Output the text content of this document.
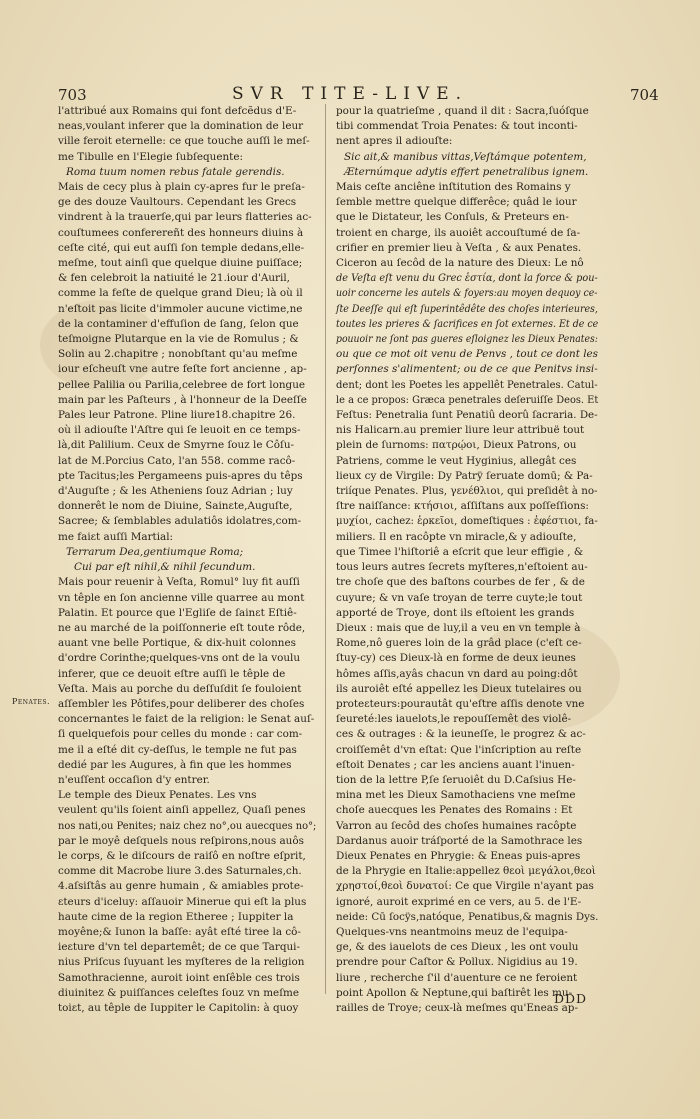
703	SVR TITE-LIVE.	704

l'attribué aux Romains qui font defcẽdus d'E-

neas,voulant inferer que la domination de leur

ville feroit eternelle: ce que touche auſſi le meſ-

me Tibulle en l'Elegie ſubſequente:

Roma tuum nomen rebus fatale gerendis.

Mais de cecy plus à plain cy-apres fur le preſa-

ge des douze Vaultours. Cependant les Grecs

vindrent à la trauerſe,qui par leurs flatteries ac-

couſtumees conferereñt des honneurs diuins à

ceſte cité, qui eut auſſi ſon temple dedans,elle-

meſme, tout ainſi que quelque diuine puiſſace;

& fen celebroit la natiuité le 21.iour d'Auril,

comme la feſte de quelque grand Dieu; là où il

n'eſtoit pas licite d'immoler aucune victime,ne

de la contaminer d'effuſion de ſang, ſelon que

teſmoigne Plutarque en la vie de Romulus ; &

Solin au 2.chapitre ; nonobſtant qu'au meſme

iour eſcheuſt vne autre feſte fort ancienne , ap-

pellee Palilia ou Parilia,celebree de fort longue

main par les Paſteurs , à l'honneur de la Deeſſe

Pales leur Patrone. Pline liure18.chapitre 26.

où il adiouſte l'Aſtre qui ſe leuoit en ce temps-

là,dit Palilium. Ceux de Smyrne ſouz le Côſu-

lat de M.Porcius Cato, l'an 558. comme racô-

pte Tacitus;les Pergameens puis-apres du têps

d'Auguſte ; & les Atheniens ſouz Adrian ; luy

donnerêt le nom de Diuine, Sainɛte,Auguſte,

Sacree; & ſemblables adulatiôs idolatres,com-

me faiɛt auſſi Martial:

Terrarum Dea,gentiumque Roma;

Cui par eſt nihil,& nihil ſecundum.

Mais pour reuenir à Veſta, Romul° luy fit auſſi

vn têple en ſon ancienne ville quarree au mont

Palatin. Et pource que l'Egliſe de ſainɛt Eſtiê-

ne au marché de la poiſſonnerie eſt toute rôde,

auant vne belle Portique, & dix-huit colonnes

d'ordre Corinthe;quelques-vns ont de la voulu

inferer, que ce deuoit eſtre auſſi le têple de

Veſta. Mais au porche du deſſuſdit ſe fouloient

aſſembler les Pôtifes,pour deliberer des choſes

concernantes le faiɛt de la religion: le Senat auſ-

ſi quelquefois pour celles du monde : car com-

me il a eſté dit cy-deſſus, le temple ne fut pas

dedié par les Augures, à fin que les hommes

n'euſſent occaſion d'y entrer.

Le temple des Dieux Penates. Les vns

veulent qu'ils ſoient ainſi appellez, Quaſi penes

nos nati,ou Penites; naiz chez no°,ou auecques no°;

par le moyê deſquels nous reſpirons,nous auôs

le corps, & le diſcours de raiſô en noſtre eſprit,

comme dit Macrobe liure 3.des Saturnales,ch.

4.aſsiſtâs au genre humain , & amiables prote-

ɛteurs d'iceluy: aſſauoir Minerue qui eſt la plus

haute cime de la region Etheree ; Iuppiter la

moyêne;& Iunon la baſſe: ayât eſté tiree la cô-

ieɛture d'vn tel departemêt; de ce que Tarqui-

nius Priſcus ſuyuant les myſteres de la religion

Samothracienne, auroit ioint enſêble ces trois

diuinitez & puiſſances celeſtes ſouz vn meſme

toiɛt, au têple de Iuppiter le Capitolin: à quoy

pour la quatrieſme , quand il dit : Sacra,ſuóſque

tibi commendat Troia Penates: & tout inconti-

nent apres il adiouſte:

Sic ait,& manibus vittas,Veſtámque potentem,

Æternúmque adytis effert penetralibus ignem.

Mais ceſte anciêne inſtitution des Romains y

ſemble mettre quelque differêce; quâd le iour

que le Diɛtateur, les Conſuls, & Preteurs en-

troient en charge, ils auoiêt accouſtumé de ſa-

crifier en premier lieu à Veſta , & aux Penates.

Ciceron au ſecôd de la nature des Dieux: Le nô

de Veſta eſt venu du Grec ἑστία, dont la force & pou-

uoir concerne les autels & foyers:au moyen dequoy ce-

ſte Deeſſe qui eſt ſuperintêdête des choſes interieures,

toutes les prieres & ſacrifices en ſot externes. Et de ce

pouuoir ne ſont pas gueres eſloignez les Dieux Penates:

ou que ce mot oit venu de Penvs , tout ce dont les

perſonnes s'alimentent; ou de ce que Penitvs insi-

dent; dont les Poetes les appellêt Penetrales. Catul-

le a ce propos: Græca penetrales deſeruiſſe Deos. Et

Feſtus: Penetralia ſunt Penatiû deorû ſacraria. De-

nis Halicarn.au premier liure leur attribuë tout

plein de ſurnoms: πατρῴοι, Dieux Patrons, ou

Patriens, comme le veut Hyginius, allegât ces

lieux cy de Virgile: Dy Patrÿ ſeruate domū; & Pa-

triíque Penates. Plus, γενέθλιοι, qui preſidêt à no-

ſtre naiſſance: κτήσιοι, aſſiſtans aux poſſeſſions:

μυχίοι, cachez: ἑρκεῖοι, domeſtiques : ἐφέστιοι, fa-

miliers. Il en racôpte vn miracle,& y adiouſte,

que Timee l'hiſtoriê a eſcrit que leur effigie , &

tous leurs autres ſecrets myſteres,n'eſtoient au-

tre choſe que des baſtons courbes de fer , & de

cuyure; & vn vaſe troyan de terre cuyte;le tout

apporté de Troye, dont ils eſtoient les grands

Dieux : mais que de luy,il a veu en vn temple à

Rome,nô gueres loin de la grâd place (c'eſt ce-

ſtuy-cy) ces Dieux-là en forme de deux ieunes

hômes aſſis,ayâs chacun vn dard au poing:dôt

ils auroiêt eſté appellez les Dieux tutelaires ou

proteɛteurs:pourautât qu'eſtre aſſis denote vne

ſeureté:les iauelots,le repouſſemêt des violê-

ces & outrages : & la ieuneſſe, le progrez & ac-

croiſſemêt d'vn eſtat: Que l'inſcription au reſte

eſtoit Denates ; car les anciens auant l'inuen-

tion de la lettre P,ſe ſeruoiêt du D.Caſsius He-

mina met les Dieux Samothaciens vne meſme

choſe auecques les Penates des Romains : Et

Varron au ſecôd des choſes humaines racôpte

Dardanus auoir tráſporté de la Samothrace les

Dieux Penates en Phrygie: & Eneas puis-apres

de la Phrygie en Italie:appellez θεοὶ μεγάλοι,θεοὶ

χρηστοί,θεοὶ δυνατοί: Ce que Virgile n'ayant pas

ignoré, auroit exprimé en ce vers, au 5. de l'E-

neide: Cū ſocÿs,natóque, Penatibus,& magnis Dys.

Quelques-vns neantmoins meuz de l'equipa-

ge, & des iauelots de ces Dieux , les ont voulu

prendre pour Caſtor & Pollux. Nigidius au 19.

liure , recherche ſ'il d'auenture ce ne feroient

point Apollon & Neptune,qui baſtirêt les mu-

railles de Troye; ceux-là meſmes qu'Eneas ap-

Penates.
DDD
